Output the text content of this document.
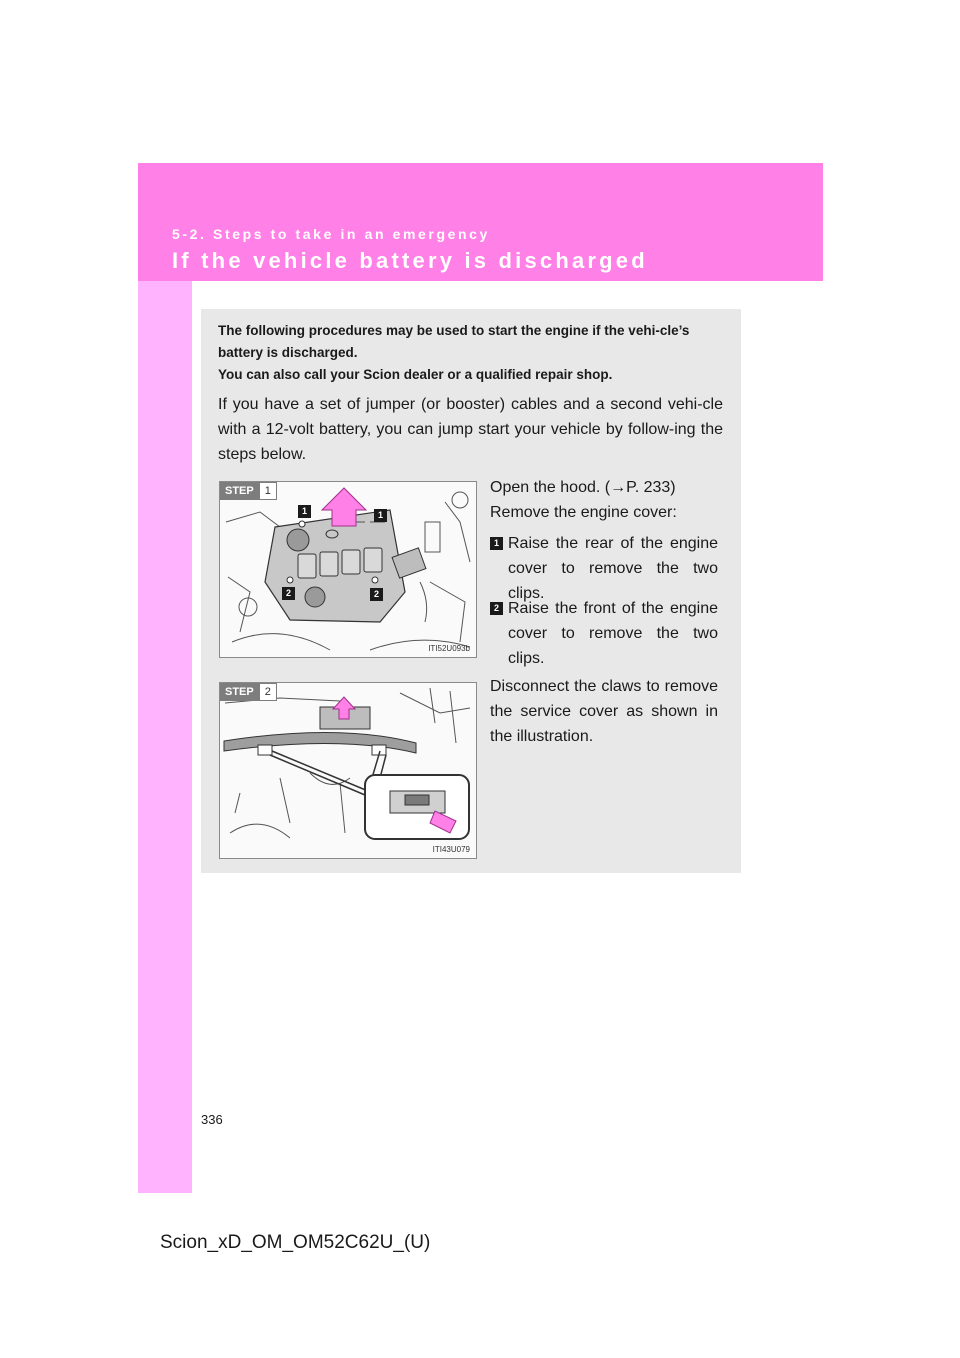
5-2. Steps to take in an emergency
If the vehicle battery is discharged
The following procedures may be used to start the engine if the vehi-cle’s battery is discharged.
You can also call your Scion dealer or a qualified repair shop.
If you have a set of jumper (or booster) cables and a second vehi-cle with a 12-volt battery, you can jump start your vehicle by follow-ing the steps below.
STEP	1
1	1
2	2
ITI52U093b
Open the hood. (→P. 233)
Remove the engine cover:
1 Raise the rear of the engine cover to remove the two clips.
2 Raise the front of the engine cover to remove the two clips.
STEP	2
ITI43U079
Disconnect the claws to remove the service cover as shown in the illustration.
336
Scion_xD_OM_OM52C62U_(U)
